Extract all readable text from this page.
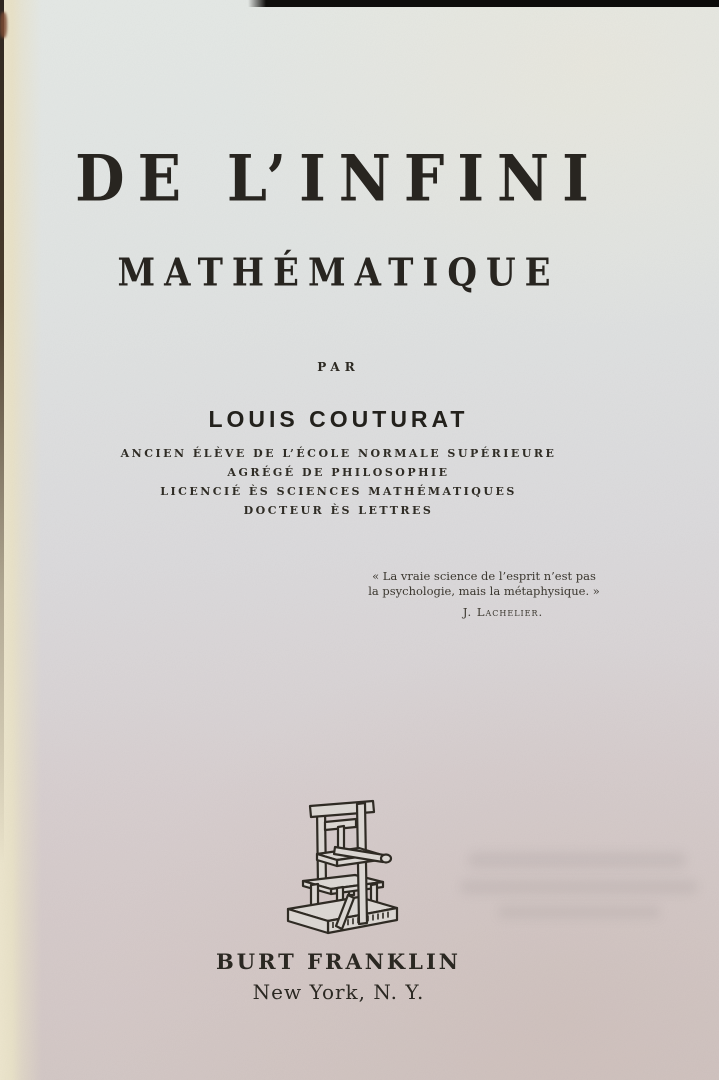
DE L’INFINI
MATHÉMATIQUE
PAR
LOUIS COUTURAT
ANCIEN ÉLÈVE DE L’ÉCOLE NORMALE SUPÉRIEURE
AGRÉGÉ DE PHILOSOPHIE
LICENCIÉ ÈS SCIENCES MATHÉMATIQUES
DOCTEUR ÈS LETTRES
BURT FRANKLIN
New York, N. Y.
« La vraie science de l’esprit n’est pas
la psychologie, mais la métaphysique. »
J. Lachelier.
